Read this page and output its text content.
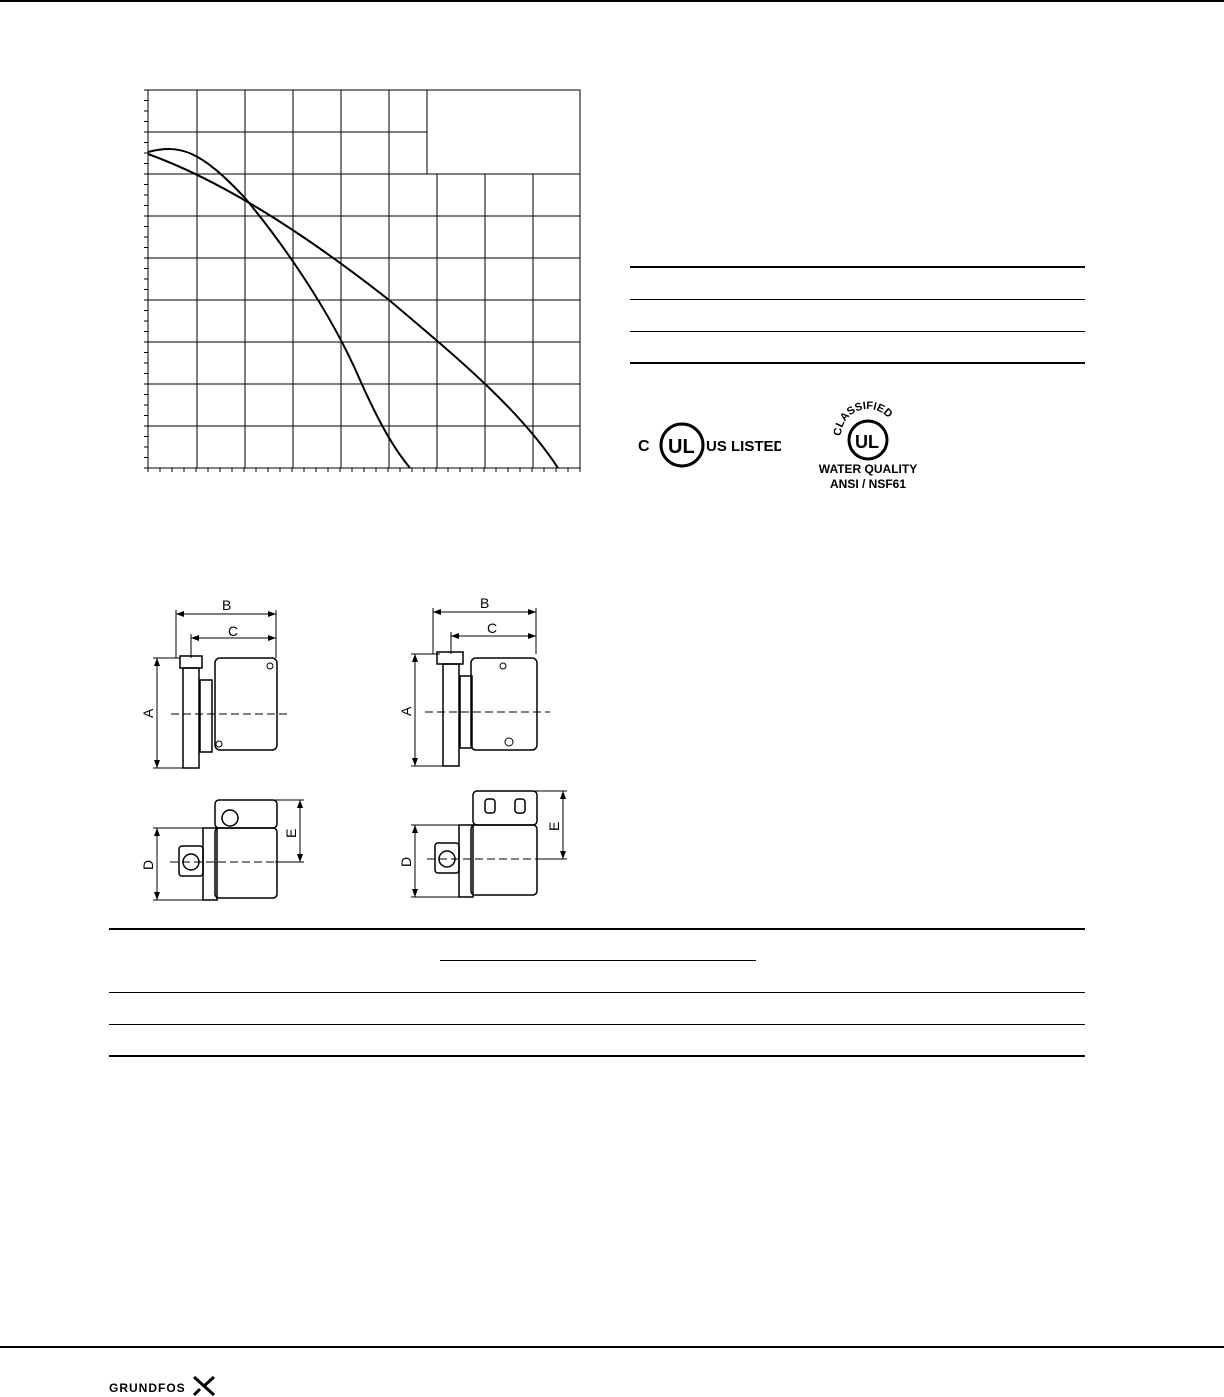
C UL US LISTED
CLASSIFIED
UL
WATER QUALITY
ANSI / NSF61
B
C
A
D
E
B
C
A
D
E
GRUNDFOS
